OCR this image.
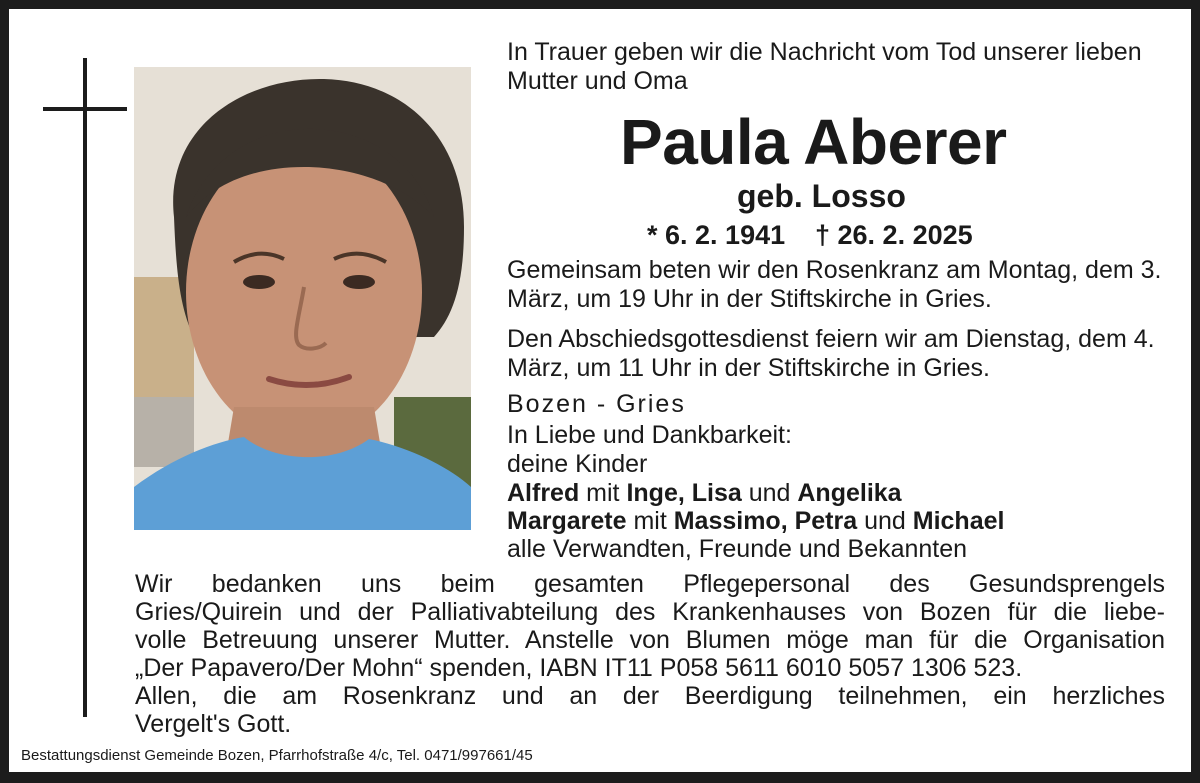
In Trauer geben wir die Nachricht vom Tod unserer lieben Mutter und Oma
Paula Aberer
geb. Losso
* 6. 2. 1941 † 26. 2. 2025
Gemeinsam beten wir den Rosenkranz am Montag, dem 3. März, um 19 Uhr in der Stiftskirche in Gries.
Den Abschiedsgottesdienst feiern wir am Dienstag, dem 4. März, um 11 Uhr in der Stiftskirche in Gries.
Bozen - Gries
In Liebe und Dankbarkeit:
deine Kinder
Alfred mit Inge, Lisa und Angelika
Margarete mit Massimo, Petra und Michael
alle Verwandten, Freunde und Bekannten
Wir bedanken uns beim gesamten Pflegepersonal des Gesundsprengels
Gries/Quirein und der Palliativabteilung des Krankenhauses von Bozen für die liebe-
volle Betreuung unserer Mutter. Anstelle von Blumen möge man für die Organisation
„Der Papavero/Der Mohn“ spenden, IABN IT11 P058 5611 6010 5057 1306 523.
Allen, die am Rosenkranz und an der Beerdigung teilnehmen, ein herzliches
Vergelt's Gott.
Bestattungsdienst Gemeinde Bozen, Pfarrhofstraße 4/c, Tel. 0471/997661/45
